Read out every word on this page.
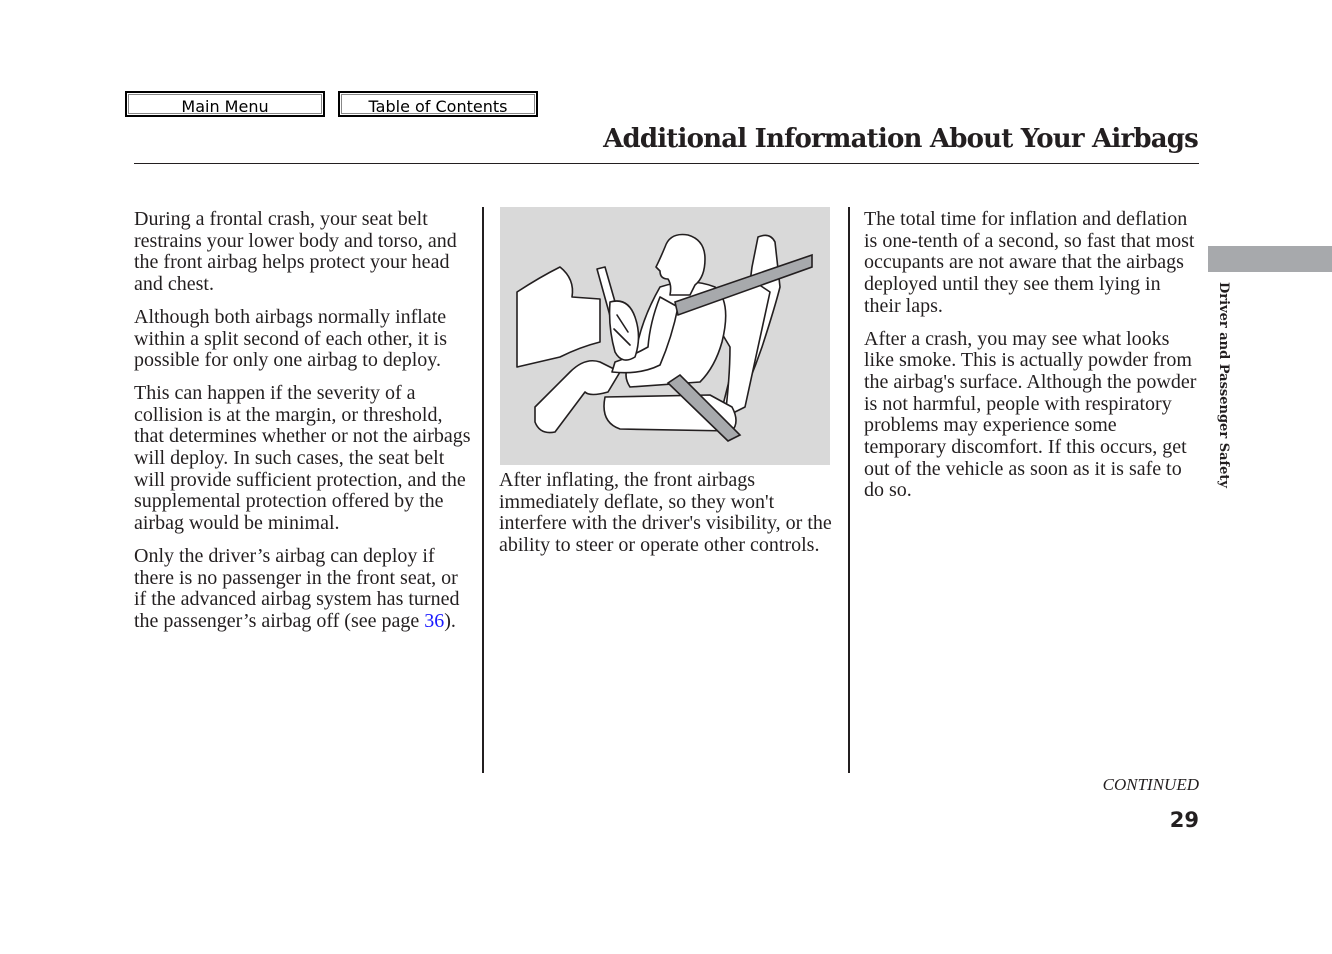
Main Menu	Table of Contents
Additional Information About Your Airbags

During a frontal crash, your seat belt restrains your lower body and torso, and the front airbag helps protect your head and chest.

Although both airbags normally inflate within a split second of each other, it is possible for only one airbag to deploy.

This can happen if the severity of a collision is at the margin, or threshold, that determines whether or not the airbags will deploy. In such cases, the seat belt will provide sufficient protection, and the supplemental protection offered by the airbag would be minimal.

Only the driver’s airbag can deploy if there is no passenger in the front seat, or if the advanced airbag system has turned the passenger’s airbag off (see page 36).

After inflating, the front airbags immediately deflate, so they won't interfere with the driver's visibility, or the ability to steer or operate other controls.

The total time for inflation and deflation is one-tenth of a second, so fast that most occupants are not aware that the airbags deployed until they see them lying in their laps.

After a crash, you may see what looks like smoke. This is actually powder from the airbag's surface. Although the powder is not harmful, people with respiratory problems may experience some temporary discomfort. If this occurs, get out of the vehicle as soon as it is safe to do so.

Driver and Passenger Safety
CONTINUED
29
